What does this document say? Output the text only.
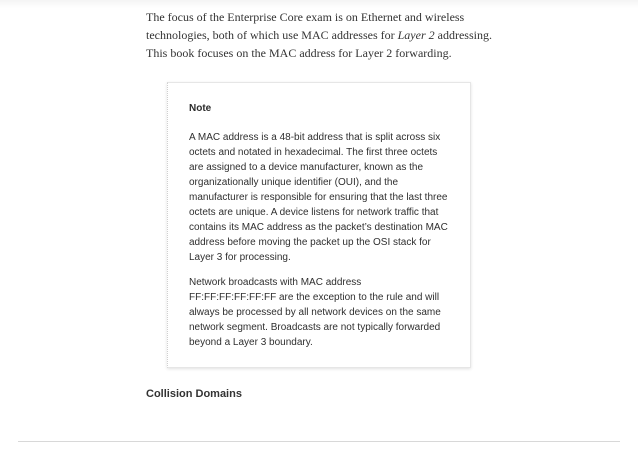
The focus of the Enterprise Core exam is on Ethernet and wireless technologies, both of which use MAC addresses for Layer 2 addressing. This book focuses on the MAC address for Layer 2 forwarding.

Note

A MAC address is a 48-bit address that is split across six octets and notated in hexadecimal. The first three octets are assigned to a device manufacturer, known as the organizationally unique identifier (OUI), and the manufacturer is responsible for ensuring that the last three octets are unique. A device listens for network traffic that contains its MAC address as the packet’s destination MAC address before moving the packet up the OSI stack for Layer 3 for processing.

Network broadcasts with MAC address FF:FF:FF:FF:FF:FF are the exception to the rule and will always be processed by all network devices on the same network segment. Broadcasts are not typically forwarded beyond a Layer 3 boundary.

Collision Domains
